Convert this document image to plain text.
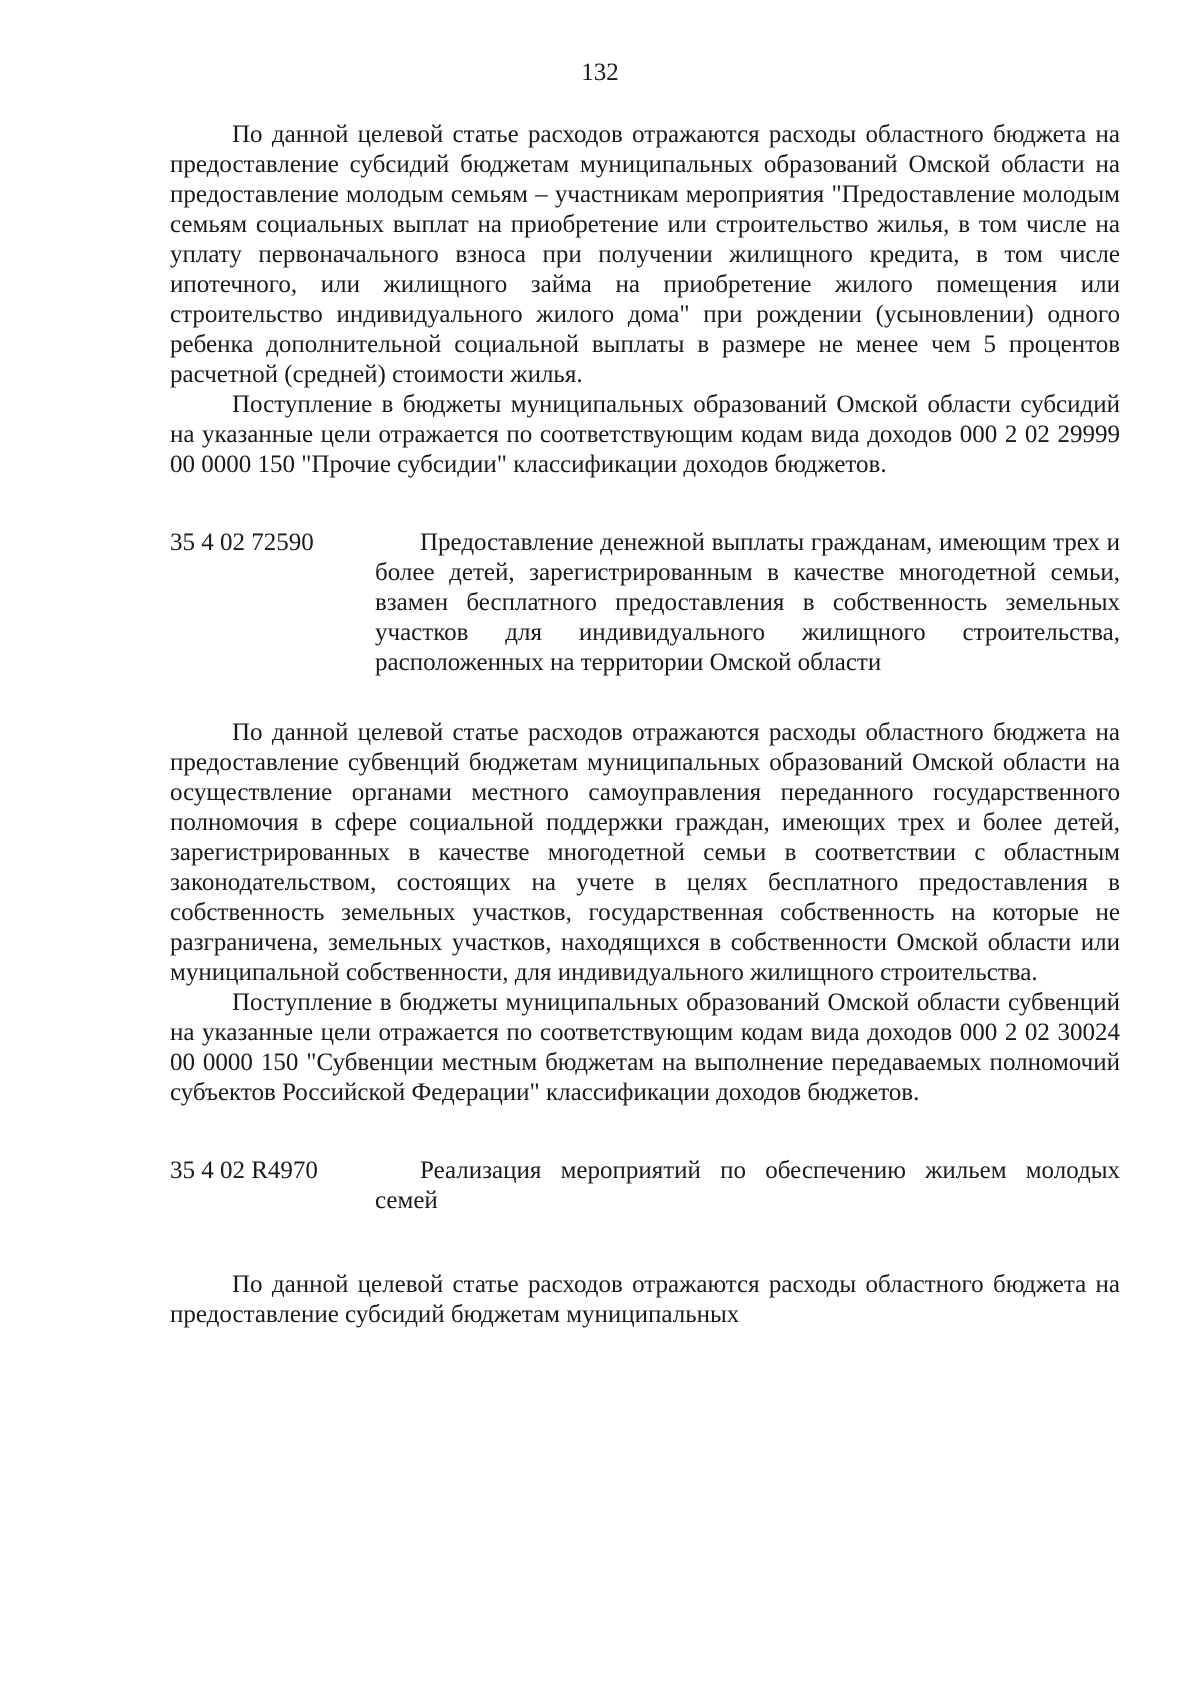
132

По данной целевой статье расходов отражаются расходы областного бюджета на предоставление субсидий бюджетам муниципальных образований Омской области на предоставление молодым семьям – участникам мероприятия "Предоставление молодым семьям социальных выплат на приобретение или строительство жилья, в том числе на уплату первоначального взноса при получении жилищного кредита, в том числе ипотечного, или жилищного займа на приобретение жилого помещения или строительство индивидуального жилого дома" при рождении (усыновлении) одного ребенка дополнительной социальной выплаты в размере не менее чем 5 процентов расчетной (средней) стоимости жилья.

Поступление в бюджеты муниципальных образований Омской области субсидий на указанные цели отражается по соответствующим кодам вида доходов 000 2 02 29999 00 0000 150 "Прочие субсидии" классификации доходов бюджетов.

35 4 02 72590	Предоставление денежной выплаты гражданам, имеющим трех и более детей, зарегистрированным в качестве многодетной семьи, взамен бесплатного предоставления в собственность земельных участков для индивидуального жилищного строительства, расположенных на территории Омской области

По данной целевой статье расходов отражаются расходы областного бюджета на предоставление субвенций бюджетам муниципальных образований Омской области на осуществление органами местного самоуправления переданного государственного полномочия в сфере социальной поддержки граждан, имеющих трех и более детей, зарегистрированных в качестве многодетной семьи в соответствии с областным законодательством, состоящих на учете в целях бесплатного предоставления в собственность земельных участков, государственная собственность на которые не разграничена, земельных участков, находящихся в собственности Омской области или муниципальной собственности, для индивидуального жилищного строительства.

Поступление в бюджеты муниципальных образований Омской области субвенций на указанные цели отражается по соответствующим кодам вида доходов 000 2 02 30024 00 0000 150 "Субвенции местным бюджетам на выполнение передаваемых полномочий субъектов Российской Федерации" классификации доходов бюджетов.

35 4 02 R4970	Реализация мероприятий по обеспечению жильем молодых семей

По данной целевой статье расходов отражаются расходы областного бюджета на предоставление субсидий бюджетам муниципальных
